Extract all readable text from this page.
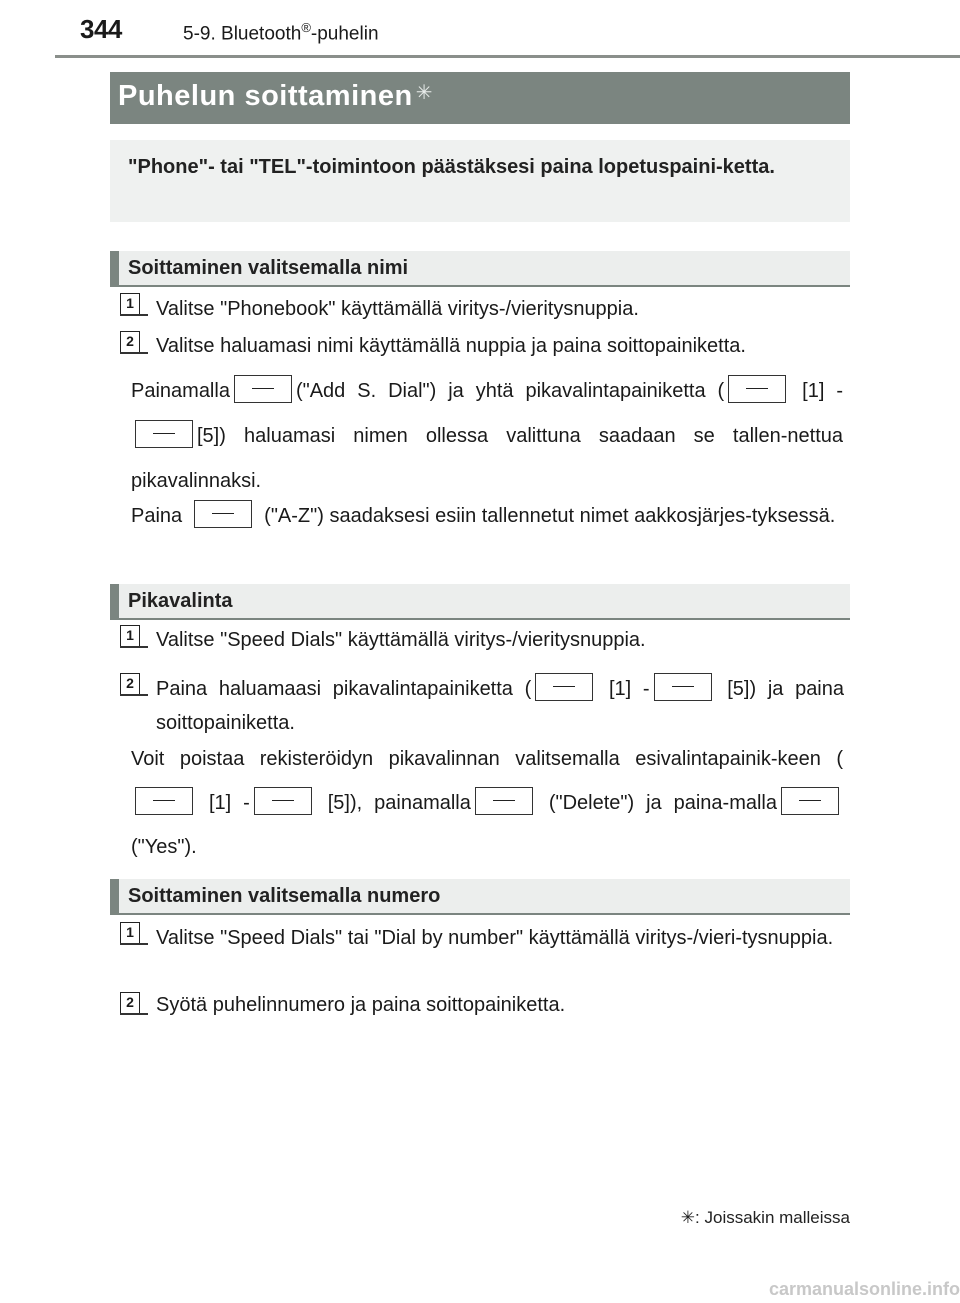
344	5-9. Bluetooth®-puhelin
Puhelun soittaminen ✳
"Phone"- tai "TEL"-toimintoon päästäksesi paina lopetuspaini-ketta.
Soittaminen valitsemalla nimi
1	Valitse "Phonebook" käyttämällä viritys-/vieritysnuppia.
2	Valitse haluamasi nimi käyttämällä nuppia ja paina soittopainiketta.
Painamalla	("Add S. Dial") ja yhtä pikavalintapainiketta (	[1] -[5]) haluamasi nimen ollessa valittuna saadaan se tallen-nettua pikavalinnaksi.
Paina	("A-Z") saadaksesi esiin tallennetut nimet aakkosjärjes-tyksessä.
Pikavalinta
1	Valitse "Speed Dials" käyttämällä viritys-/vieritysnuppia.
2	Paina haluamaasi pikavalintapainiketta (	[1] -	[5]) ja paina soittopainiketta.
Voit poistaa rekisteröidyn pikavalinnan valitsemalla esivalintapainik-keen ( [1] -	[5]), painamalla	("Delete") ja paina-malla ("Yes").
Soittaminen valitsemalla numero
1	Valitse "Speed Dials" tai "Dial by number" käyttämällä viritys-/vieri-tysnuppia.
2	Syötä puhelinnumero ja paina soittopainiketta.
✳: Joissakin malleissa
carmanualsonline.info
